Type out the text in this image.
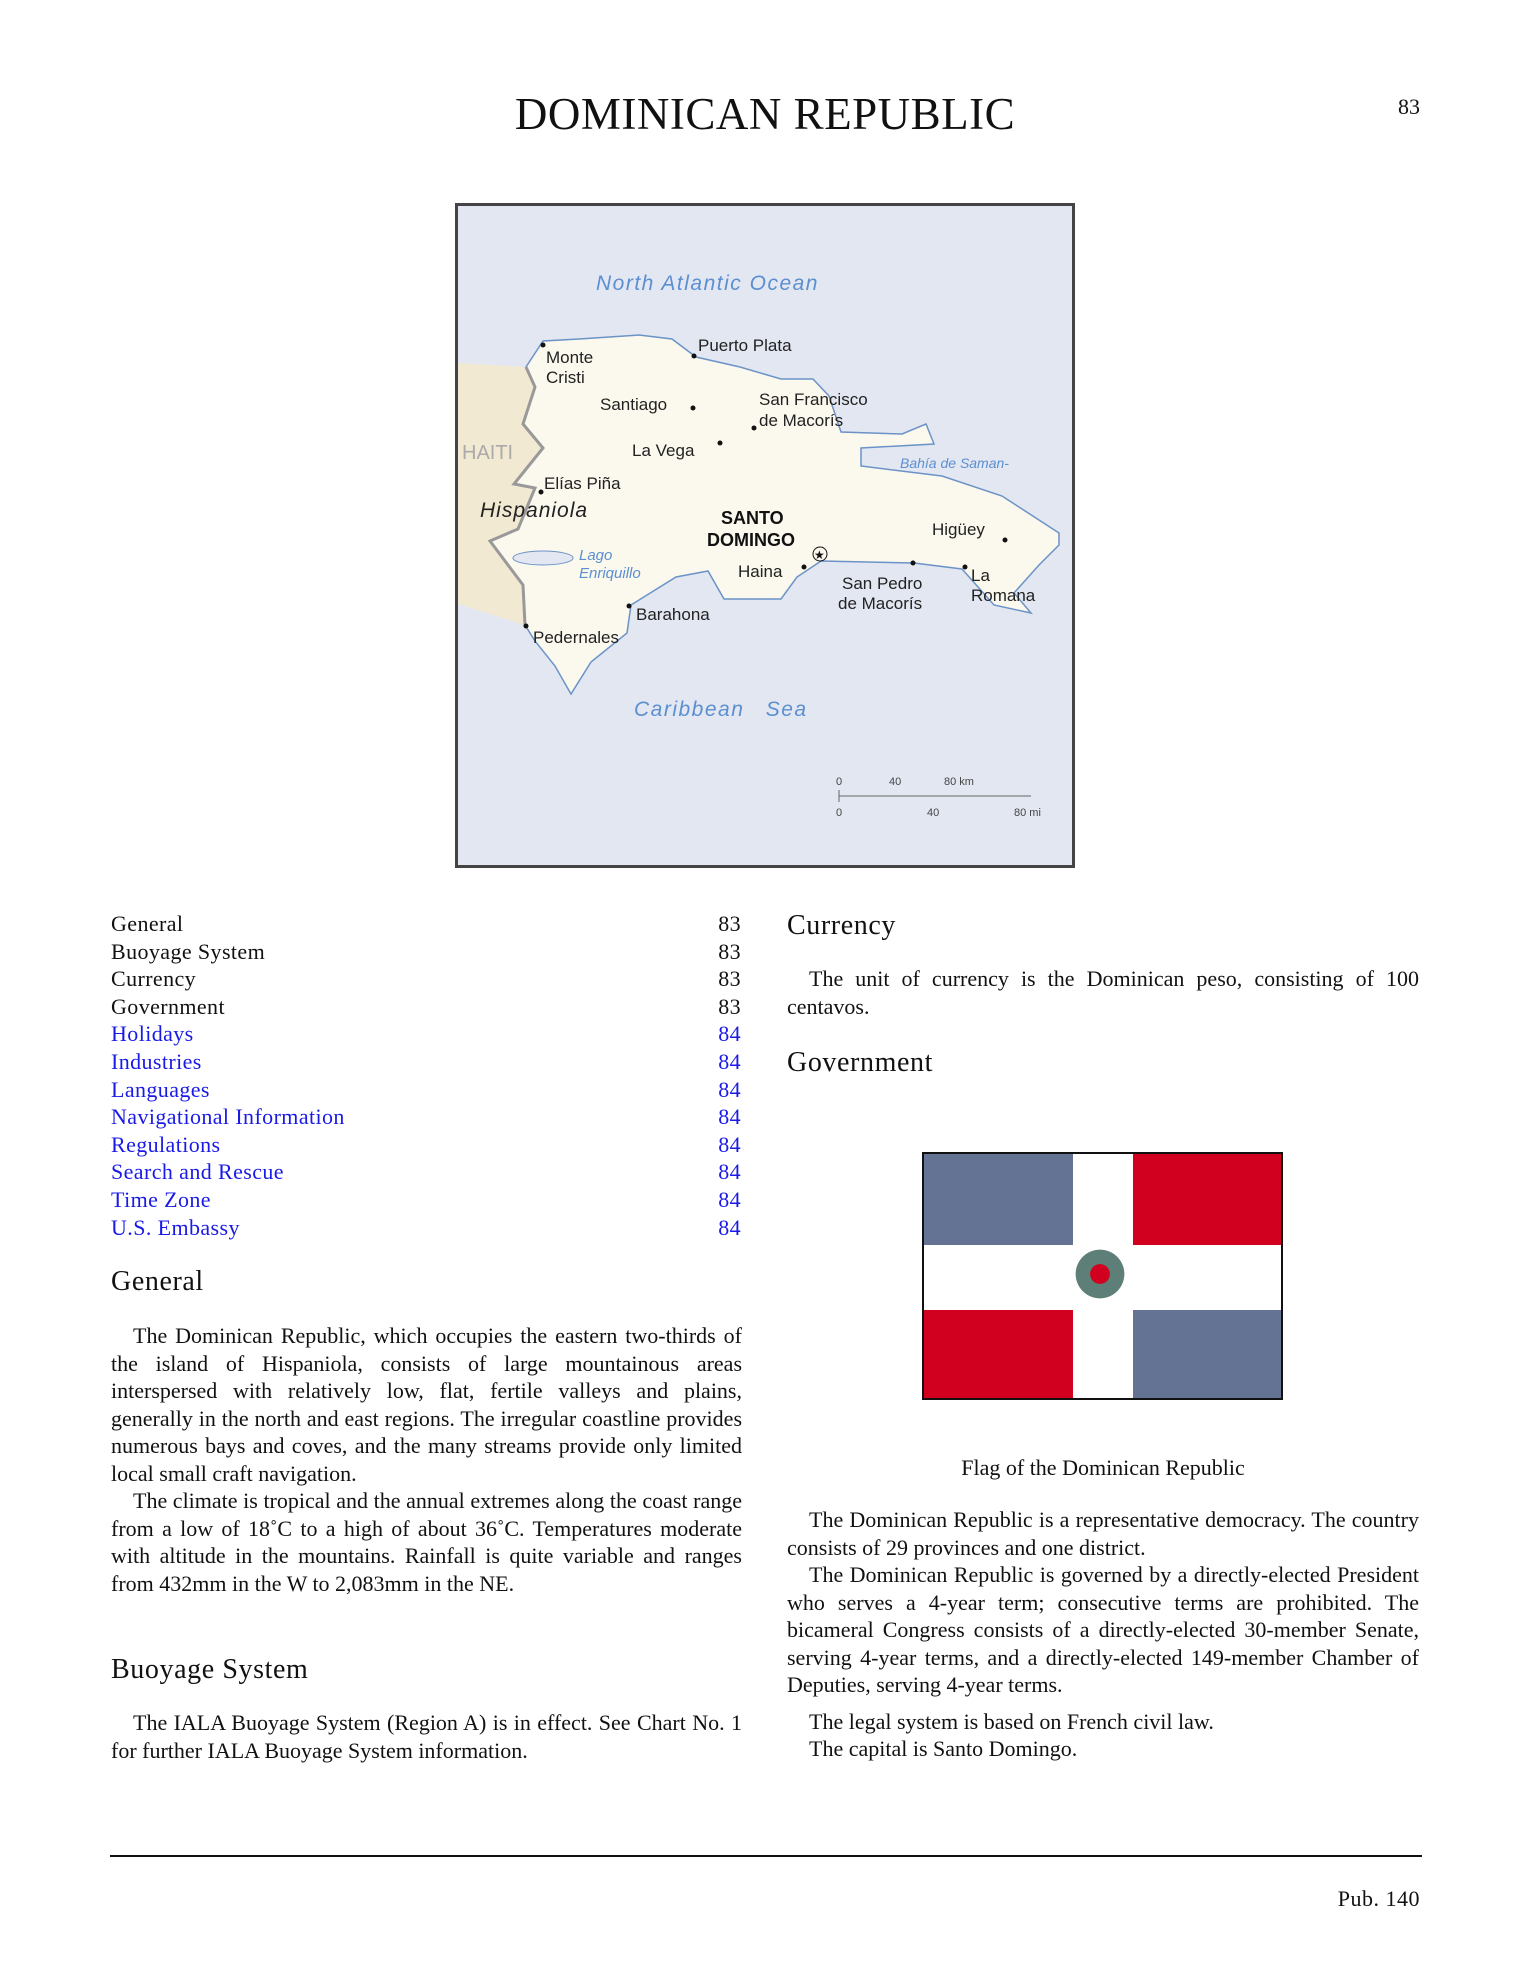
DOMINICAN REPUBLIC	83
North Atlantic Ocean
Caribbean Sea
Lago
Enriquillo
Bahía de Saman-
HAITI
Hispaniola
Monte
Cristi
Puerto Plata
Santiago	San Francisco
de Macorís
La Vega
Elías Piña
Higüey
Haina
San Pedro
de Macorís
La
Romana
Barahona
Pedernales
SANTO
DOMINGO
★
0	40	80 km
0	40	80 mi
General	83
Buoyage System	83
Currency	83
Government	83
Holidays	84
Industries	84
Languages	84
Navigational Information	84
Regulations	84
Search and Rescue	84
Time Zone	84
U.S. Embassy	84
General

The Dominican Republic, which occupies the eastern two-thirds of the island of Hispaniola, consists of large mountainous areas interspersed with relatively low, flat, fertile valleys and plains, generally in the north and east regions. The irregular coastline provides numerous bays and coves, and the many streams provide only limited local small craft navigation.

The climate is tropical and the annual extremes along the coast range from a low of 18˚C to a high of about 36˚C. Temperatures moderate with altitude in the mountains. Rainfall is quite variable and ranges from 432mm in the W to 2,083mm in the NE.

Buoyage System

The IALA Buoyage System (Region A) is in effect. See Chart No. 1 for further IALA Buoyage System information.

Currency

The unit of currency is the Dominican peso, consisting of 100 centavos.

Government
Flag of the Dominican Republic

The Dominican Republic is a representative democracy. The country consists of 29 provinces and one district.

The Dominican Republic is governed by a directly-elected President who serves a 4-year term; consecutive terms are prohibited. The bicameral Congress consists of a directly-elected 30-member Senate, serving 4-year terms, and a directly-elected 149-member Chamber of Deputies, serving 4-year terms.

The legal system is based on French civil law.

The capital is Santo Domingo.

Pub. 140
